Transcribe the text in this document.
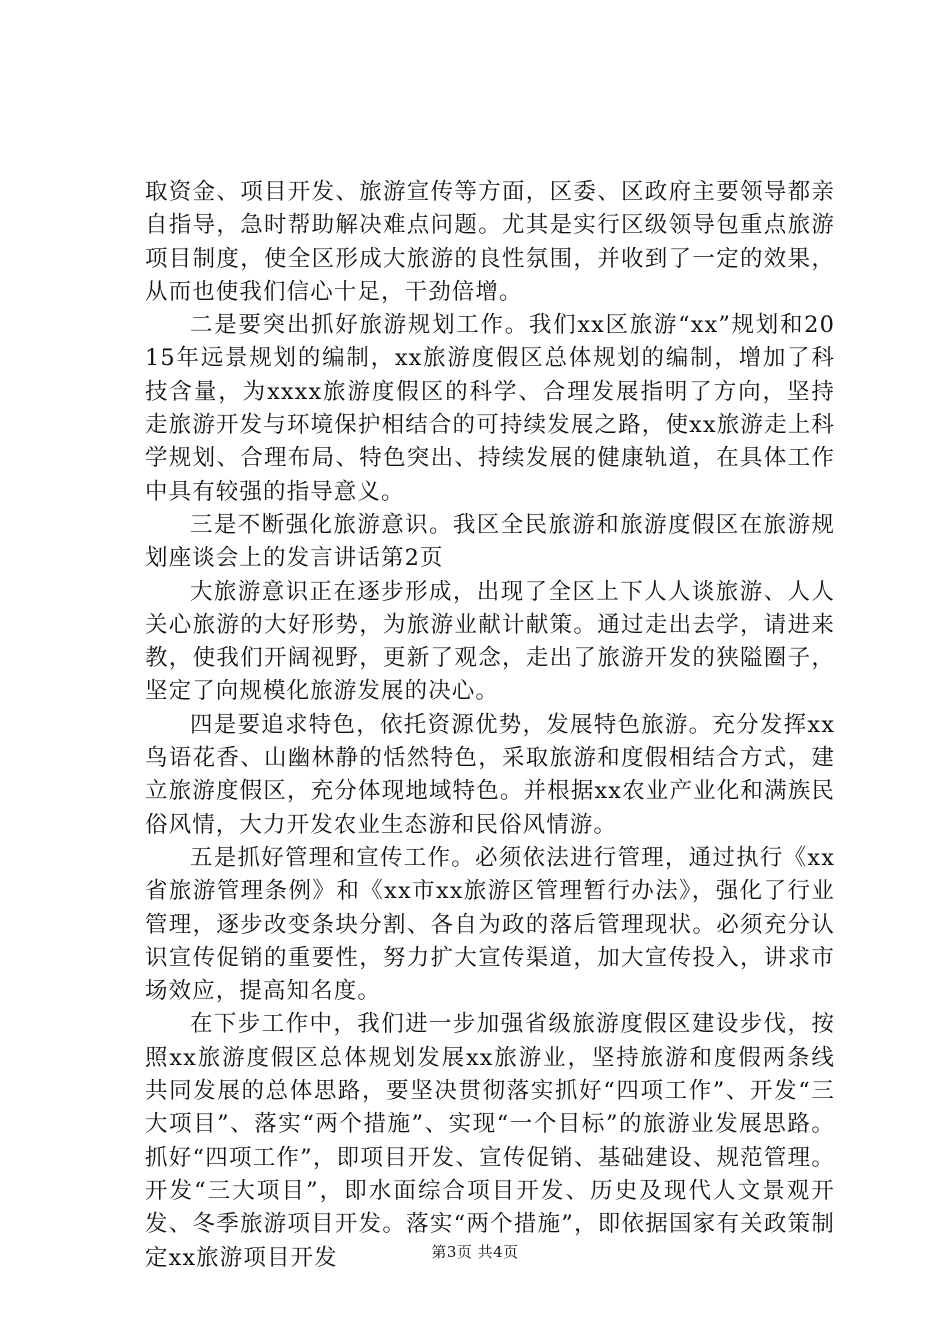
取资金、项目开发、旅游宣传等方面，区委、区政府主要领导都亲自指导，急时帮助解决难点问题。尤其是实行区级领导包重点旅游项目制度，使全区形成大旅游的良性氛围，并收到了一定的效果，从而也使我们信心十足，干劲倍增。

二是要突出抓好旅游规划工作。我们xx区旅游“xx”规划和2015年远景规划的编制，xx旅游度假区总体规划的编制，增加了科技含量，为xxxx旅游度假区的科学、合理发展指明了方向，坚持走旅游开发与环境保护相结合的可持续发展之路，使xx旅游走上科学规划、合理布局、特色突出、持续发展的健康轨道，在具体工作中具有较强的指导意义。

三是不断强化旅游意识。我区全民旅游和旅游度假区在旅游规划座谈会上的发言讲话第2页

大旅游意识正在逐步形成，出现了全区上下人人谈旅游、人人关心旅游的大好形势，为旅游业献计献策。通过走出去学，请进来教，使我们开阔视野，更新了观念，走出了旅游开发的狭隘圈子，坚定了向规模化旅游发展的决心。

四是要追求特色，依托资源优势，发展特色旅游。充分发挥xx鸟语花香、山幽林静的恬然特色，采取旅游和度假相结合方式，建立旅游度假区，充分体现地域特色。并根据xx农业产业化和满族民俗风情，大力开发农业生态游和民俗风情游。

五是抓好管理和宣传工作。必须依法进行管理，通过执行《xx省旅游管理条例》和《xx市xx旅游区管理暂行办法》，强化了行业管理，逐步改变条块分割、各自为政的落后管理现状。必须充分认识宣传促销的重要性，努力扩大宣传渠道，加大宣传投入，讲求市场效应，提高知名度。

在下步工作中，我们进一步加强省级旅游度假区建设步伐，按照xx旅游度假区总体规划发展xx旅游业，坚持旅游和度假两条线共同发展的总体思路，要坚决贯彻落实抓好“四项工作”、开发“三大项目”、落实“两个措施”、实现“一个目标”的旅游业发展思路。抓好“四项工作”，即项目开发、宣传促销、基础建设、规范管理。开发“三大项目”，即水面综合项目开发、历史及现代人文景观开发、冬季旅游项目开发。落实“两个措施”，即依据国家有关政策制定xx旅游项目开发	第3页 共4页
